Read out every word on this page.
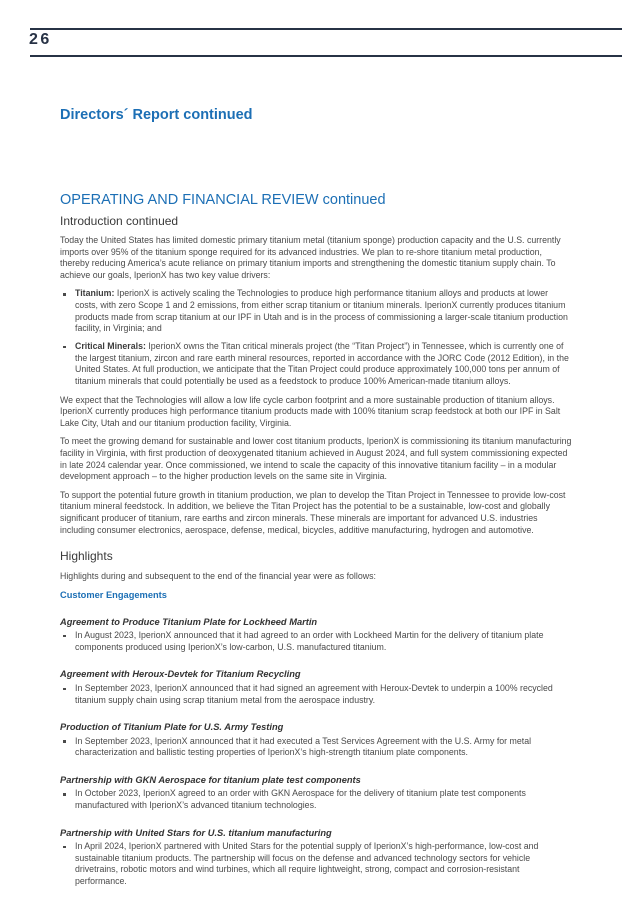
26
Directors´ Report continued
OPERATING AND FINANCIAL REVIEW continued
Introduction continued

Today the United States has limited domestic primary titanium metal (titanium sponge) production capacity and the U.S. currently imports over 95% of the titanium sponge required for its advanced industries. We plan to re-shore titanium metal production, thereby reducing America’s acute reliance on primary titanium imports and strengthening the domestic titanium supply chain. To achieve our goals, IperionX has two key value drivers:

Titanium: IperionX is actively scaling the Technologies to produce high performance titanium alloys and products at lower costs, with zero Scope 1 and 2 emissions, from either scrap titanium or titanium minerals. IperionX currently produces titanium products made from scrap titanium at our IPF in Utah and is in the process of commissioning a larger-scale titanium production facility, in Virginia; and
Critical Minerals: IperionX owns the Titan critical minerals project (the “Titan Project”) in Tennessee, which is currently one of the largest titanium, zircon and rare earth mineral resources, reported in accordance with the JORC Code (2012 Edition), in the United States. At full production, we anticipate that the Titan Project could produce approximately 100,000 tons per annum of titanium minerals that could potentially be used as a feedstock to produce 100% American-made titanium alloys.

We expect that the Technologies will allow a low life cycle carbon footprint and a more sustainable production of titanium alloys. IperionX currently produces high performance titanium products made with 100% titanium scrap feedstock at both our IPF in Salt Lake City, Utah and our titanium production facility, Virginia.

To meet the growing demand for sustainable and lower cost titanium products, IperionX is commissioning its titanium manufacturing facility in Virginia, with first production of deoxygenated titanium achieved in August 2024, and full system commissioning expected in late 2024 calendar year. Once commissioned, we intend to scale the capacity of this innovative titanium facility – in a modular development approach – to the higher production levels on the same site in Virginia.

To support the potential future growth in titanium production, we plan to develop the Titan Project in Tennessee to provide low-cost titanium mineral feedstock. In addition, we believe the Titan Project has the potential to be a sustainable, low-cost and globally significant producer of titanium, rare earths and zircon minerals. These minerals are important for advanced U.S. industries including consumer electronics, aerospace, defense, medical, bicycles, additive manufacturing, hydrogen and automotive.

Highlights

Highlights during and subsequent to the end of the financial year were as follows:

Customer Engagements
Agreement to Produce Titanium Plate for Lockheed Martin
In August 2023, IperionX announced that it had agreed to an order with Lockheed Martin for the delivery of titanium plate components produced using IperionX’s low-carbon, U.S. manufactured titanium.
Agreement with Heroux-Devtek for Titanium Recycling
In September 2023, IperionX announced that it had signed an agreement with Heroux-Devtek to underpin a 100% recycled titanium supply chain using scrap titanium metal from the aerospace industry.
Production of Titanium Plate for U.S. Army Testing
In September 2023, IperionX announced that it had executed a Test Services Agreement with the U.S. Army for metal characterization and ballistic testing properties of IperionX’s high-strength titanium plate components.
Partnership with GKN Aerospace for titanium plate test components
In October 2023, IperionX agreed to an order with GKN Aerospace for the delivery of titanium plate test components manufactured with IperionX’s advanced titanium technologies.
Partnership with United Stars for U.S. titanium manufacturing
In April 2024, IperionX partnered with United Stars for the potential supply of IperionX’s high-performance, low-cost and sustainable titanium products. The partnership will focus on the defense and advanced technology sectors for vehicle drivetrains, robotic motors and wind turbines, which all require lightweight, strong, compact and corrosion-resistant performance.
